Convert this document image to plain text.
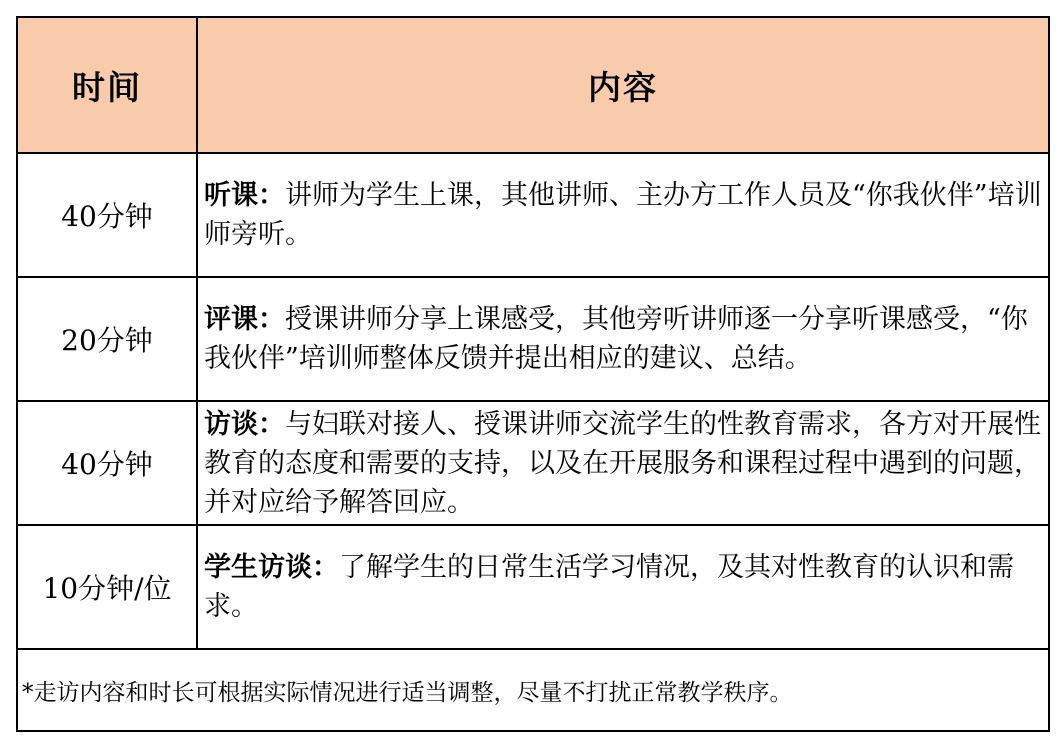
时间	内容
40分钟	听课：讲师为学生上课，其他讲师、主办方工作人员及“你我伙伴”培训师旁听。
20分钟	评课：授课讲师分享上课感受，其他旁听讲师逐一分享听课感受，“你我伙伴”培训师整体反馈并提出相应的建议、总结。
40分钟	访谈：与妇联对接人、授课讲师交流学生的性教育需求，各方对开展性教育的态度和需要的支持，以及在开展服务和课程过程中遇到的问题，并对应给予解答回应。
10分钟/位	学生访谈：了解学生的日常生活学习情况，及其对性教育的认识和需求。
*走访内容和时长可根据实际情况进行适当调整，尽量不打扰正常教学秩序。	
